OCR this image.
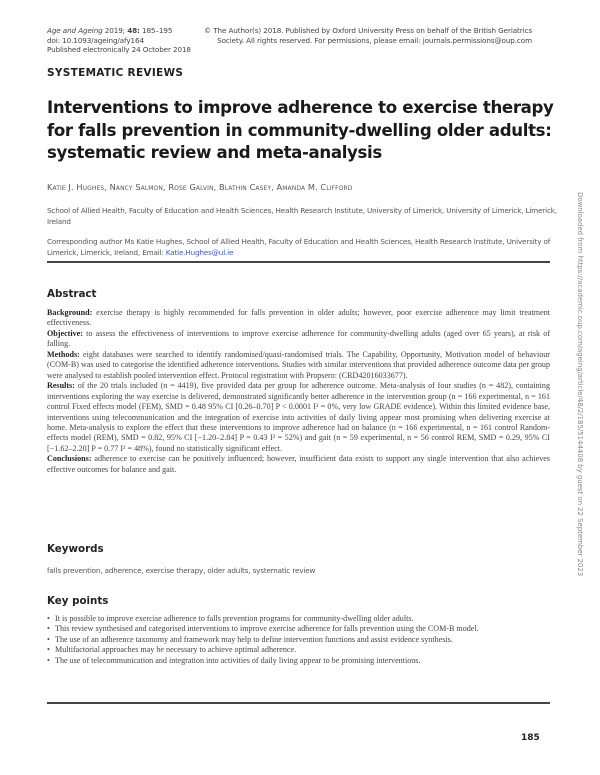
Age and Ageing 2019; 48: 185–195
doi: 10.1093/ageing/afy164
Published electronically 24 October 2018
© The Author(s) 2018. Published by Oxford University Press on behalf of the British Geriatrics
Society. All rights reserved. For permissions, please email: journals.permissions@oup.com
SYSTEMATIC REVIEWS
Interventions to improve adherence to exercise therapy for falls prevention in community-dwelling older adults: systematic review and meta-analysis
Katie J. Hughes, Nancy Salmon, Rose Galvin, Blathin Casey, Amanda M. Clifford
School of Allied Health, Faculty of Education and Health Sciences, Health Research Institute, University of Limerick, University of Limerick, Limerick, Ireland
Corresponding author Ms Katie Hughes, School of Allied Health, Faculty of Education and Health Sciences, Health Research Institute, University of Limerick, Limerick, Ireland, Email: Katie.Hughes@ul.ie
Abstract

Background: exercise therapy is highly recommended for falls prevention in older adults; however, poor exercise adherence may limit treatment effectiveness.

Objective: to assess the effectiveness of interventions to improve exercise adherence for community-dwelling adults (aged over 65 years), at risk of falling.

Methods: eight databases were searched to identify randomised/quasi-randomised trials. The Capability, Opportunity, Motivation model of behaviour (COM-B) was used to categorise the identified adherence interventions. Studies with similar interventions that provided adherence outcome data per group were analysed to establish pooled intervention effect. Protocol registration with Propsero: (CRD42016033677).

Results: of the 20 trials included (n = 4419), five provided data per group for adherence outcome. Meta-analysis of four studies (n = 482), containing interventions exploring the way exercise is delivered, demonstrated significantly better adherence in the intervention group (n = 166 experimental, n = 161 control Fixed effects model (FEM), SMD = 0.48 95% CI [0.26–0.70] P < 0.0001 I² = 0%, very low GRADE evidence). Within this limited evidence base, interventions using telecommunication and the integration of exercise into activities of daily living appear most promising when delivering exercise at home. Meta-analysis to explore the effect that these interventions to improve adherence had on balance (n = 166 experimental, n = 161 control Random-effects model (REM), SMD = 0.82, 95% CI [−1.20–2.84] P = 0.43 I² = 52%) and gait (n = 59 experimental, n = 56 control REM, SMD = 0.29, 95% CI [−1.62–2.20] P = 0.77 I² = 48%), found no statistically significant effect.

Conclusions: adherence to exercise can be positively influenced; however, insufficient data exists to support any single intervention that also achieves effective outcomes for balance and gait.

Keywords
falls prevention, adherence, exercise therapy, older adults, systematic review
Key points
• It is possible to improve exercise adherence to falls prevention programs for community-dwelling older adults.
• This review synthesised and categorised interventions to improve exercise adherence for falls prevention using the COM-B model.
• The use of an adherence taxonomy and framework may help to define intervention functions and assist evidence synthesis.
• Multifactorial approaches may be necessary to achieve optimal adherence.
• The use of telecommunication and integration into activities of daily living appear to be promising interventions.
185
Downloaded from https://academic.oup.com/ageing/article/48/2/185/5144408 by guest on 22 September 2023
